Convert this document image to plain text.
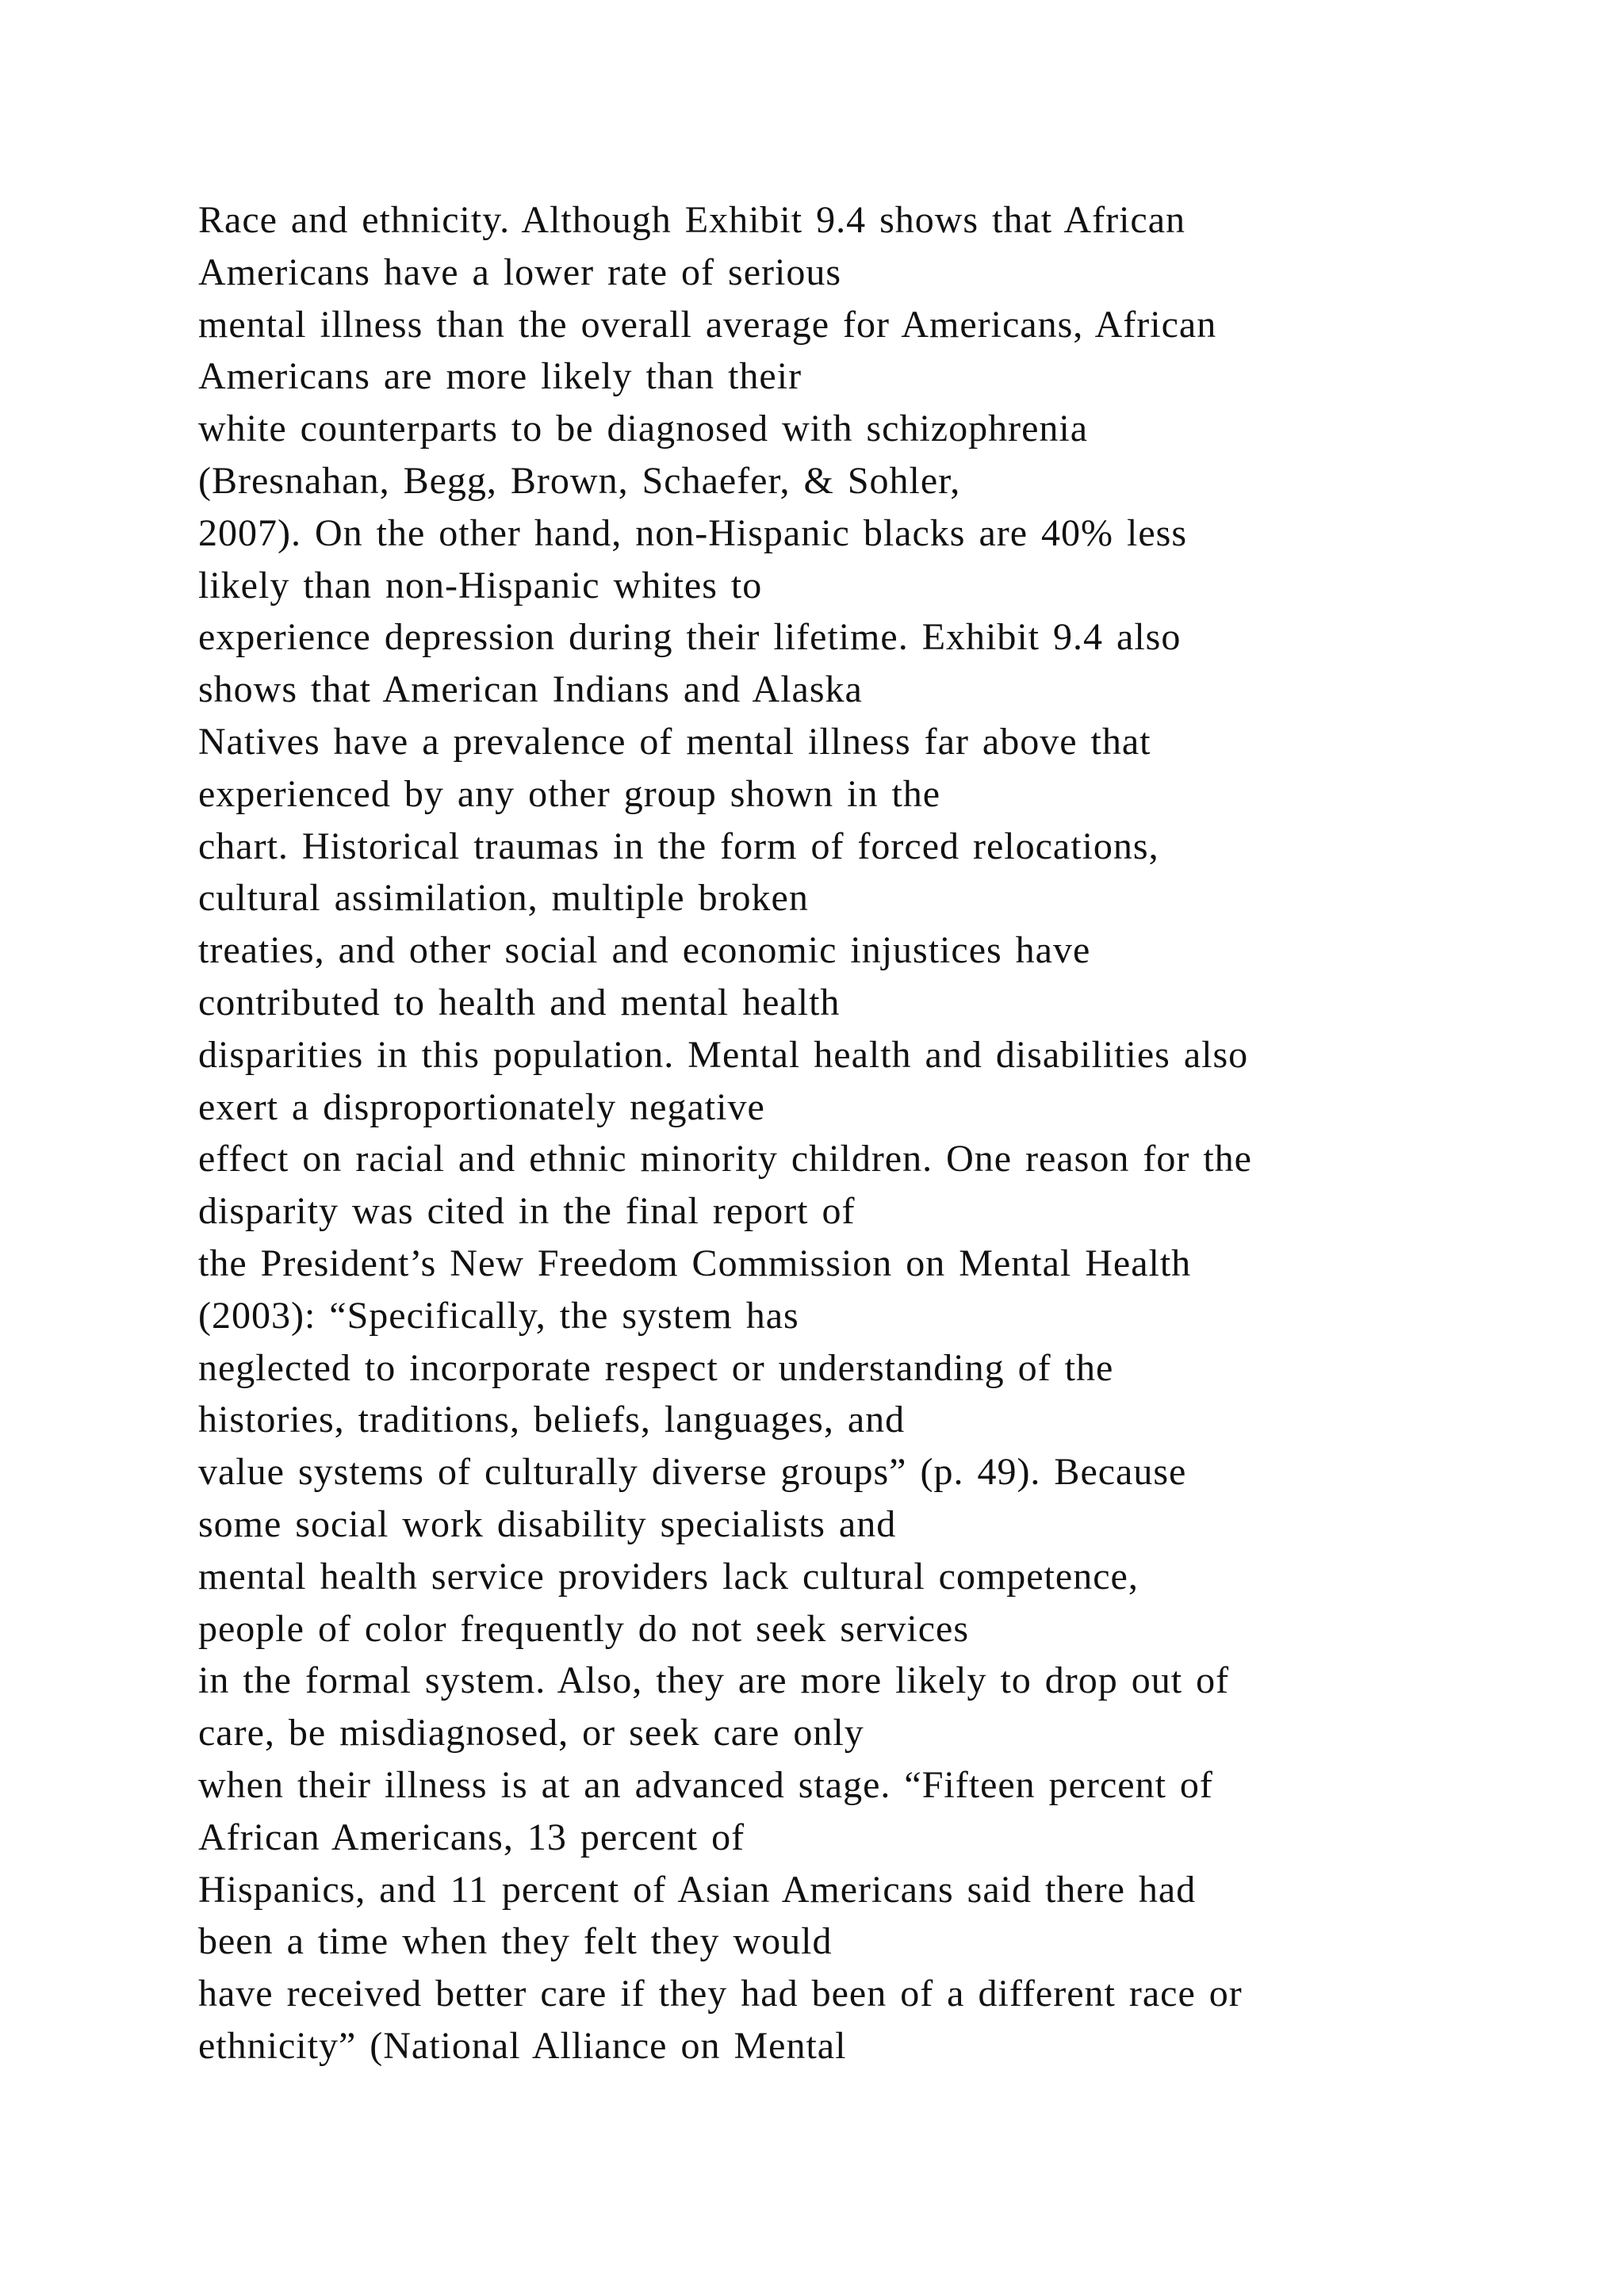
Race and ethnicity. Although Exhibit 9.4 shows that African
Americans have a lower rate of serious
mental illness than the overall average for Americans, African
Americans are more likely than their
white counterparts to be diagnosed with schizophrenia
(Bresnahan, Begg, Brown, Schaefer, & Sohler,
2007). On the other hand, non-Hispanic blacks are 40% less
likely than non-Hispanic whites to
experience depression during their lifetime. Exhibit 9.4 also
shows that American Indians and Alaska
Natives have a prevalence of mental illness far above that
experienced by any other group shown in the
chart. Historical traumas in the form of forced relocations,
cultural assimilation, multiple broken
treaties, and other social and economic injustices have
contributed to health and mental health
disparities in this population. Mental health and disabilities also
exert a disproportionately negative
effect on racial and ethnic minority children. One reason for the
disparity was cited in the final report of
the President’s New Freedom Commission on Mental Health
(2003): “Specifically, the system has
neglected to incorporate respect or understanding of the
histories, traditions, beliefs, languages, and
value systems of culturally diverse groups” (p. 49). Because
some social work disability specialists and
mental health service providers lack cultural competence,
people of color frequently do not seek services
in the formal system. Also, they are more likely to drop out of
care, be misdiagnosed, or seek care only
when their illness is at an advanced stage. “Fifteen percent of
African Americans, 13 percent of
Hispanics, and 11 percent of Asian Americans said there had
been a time when they felt they would
have received better care if they had been of a different race or
ethnicity” (National Alliance on Mental
